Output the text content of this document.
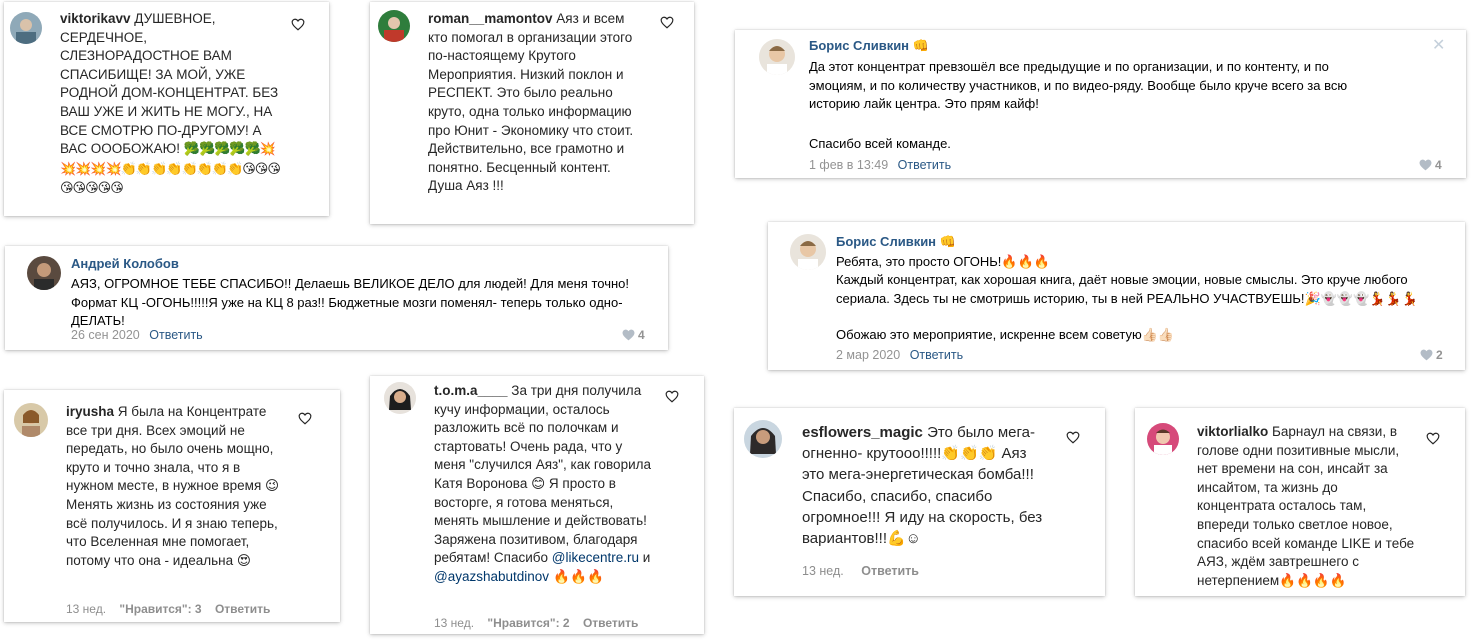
viktorikavv ДУШЕВНОЕ, СЕРДЕЧНОЕ, СЛЕЗНОРАДОСТНОЕ ВАМ СПАСИБИЩЕ! ЗА МОЙ, УЖЕ РОДНОЙ ДОМ-КОНЦЕНТРАТ. БЕЗ ВАШ УЖЕ И ЖИТЬ НЕ МОГУ., НА ВСЕ СМОТРЮ ПО-ДРУГОМУ! А ВАС ОООБОЖАЮ! 🥦🥦🥦🥦🥦💥💥💥💥💥👏👏👏👏👏👏👏👏😘😘😘😘😘😘😘😘
roman__mamontov Аяз и всем кто помогал в организации этого по-настоящему Крутого Мероприятия. Низкий поклон и РЕСПЕКТ. Это было реально круто, одна только информацию про Юнит - Экономику что стоит. Действительно, все грамотно и понятно. Бесценный контент. Душа Аяз !!!
Борис Сливкин 👊
Да этот концентрат превзошёл все предыдущие и по организации, и по контенту, и по эмоциям, и по количеству участников, и по видео-ряду. Вообще было круче всего за всю историю лайк центра. Это прям кайф!
Спасибо всей команде.
1 фев в 13:49 Ответить	4
✕
Андрей Колобов
АЯЗ, ОГРОМНОЕ ТЕБЕ СПАСИБО!! Делаешь ВЕЛИКОЕ ДЕЛО для людей! Для меня точно! Формат КЦ -ОГОНЬ!!!!!Я уже на КЦ 8 раз!! Бюджетные мозги поменял- теперь только одно- ДЕЛАТЬ!
26 сен 2020 Ответить	4
Борис Сливкин 👊
Ребята, это просто ОГОНЬ!🔥🔥🔥
Каждый концентрат, как хорошая книга, даёт новые эмоции, новые смыслы. Это круче любого сериала. Здесь ты не смотришь историю, ты в ней РЕАЛЬНО УЧАСТВУЕШЬ!🎉👻👻👻💃💃💃
Обожаю это мероприятие, искренне всем советую👍🏻👍🏻
2 мар 2020 Ответить	2
iryusha Я была на Концентрате все три дня. Всех эмоций не передать, но было очень мощно, круто и точно знала, что я в нужном месте, в нужное время 😉 Менять жизнь из состояния уже всё получилось. И я знаю теперь, что Вселенная мне помогает, потому что она - идеальна 😍
13 нед. "Нравится": 3 Ответить
t.o.m.a____ За три дня получила кучу информации, осталось разложить всё по полочкам и стартовать! Очень рада, что у меня "случился Аяз", как говорила Катя Воронова 😊 Я просто в восторге, я готова меняться, менять мышление и действовать! Заряжена позитивом, благодаря ребятам! Спасибо @likecentre.ru и @ayazshabutdinov 🔥🔥🔥
13 нед. "Нравится": 2 Ответить
esflowers_magic Это было мега-огненно- крутооо!!!!!👏👏👏 Аяз это мега-энергетическая бомба!!! Спасибо, спасибо, спасибо огромное!!! Я иду на скорость, без вариантов!!!💪☺
13 нед. Ответить
viktorlialko Барнаул на связи, в голове одни позитивные мысли, нет времени на сон, инсайт за инсайтом, та жизнь до концентрата осталось там, впереди только светлое новое, спасибо всей команде LIKE и тебе АЯЗ, ждём завтрешнего с нетерпением🔥🔥🔥🔥
